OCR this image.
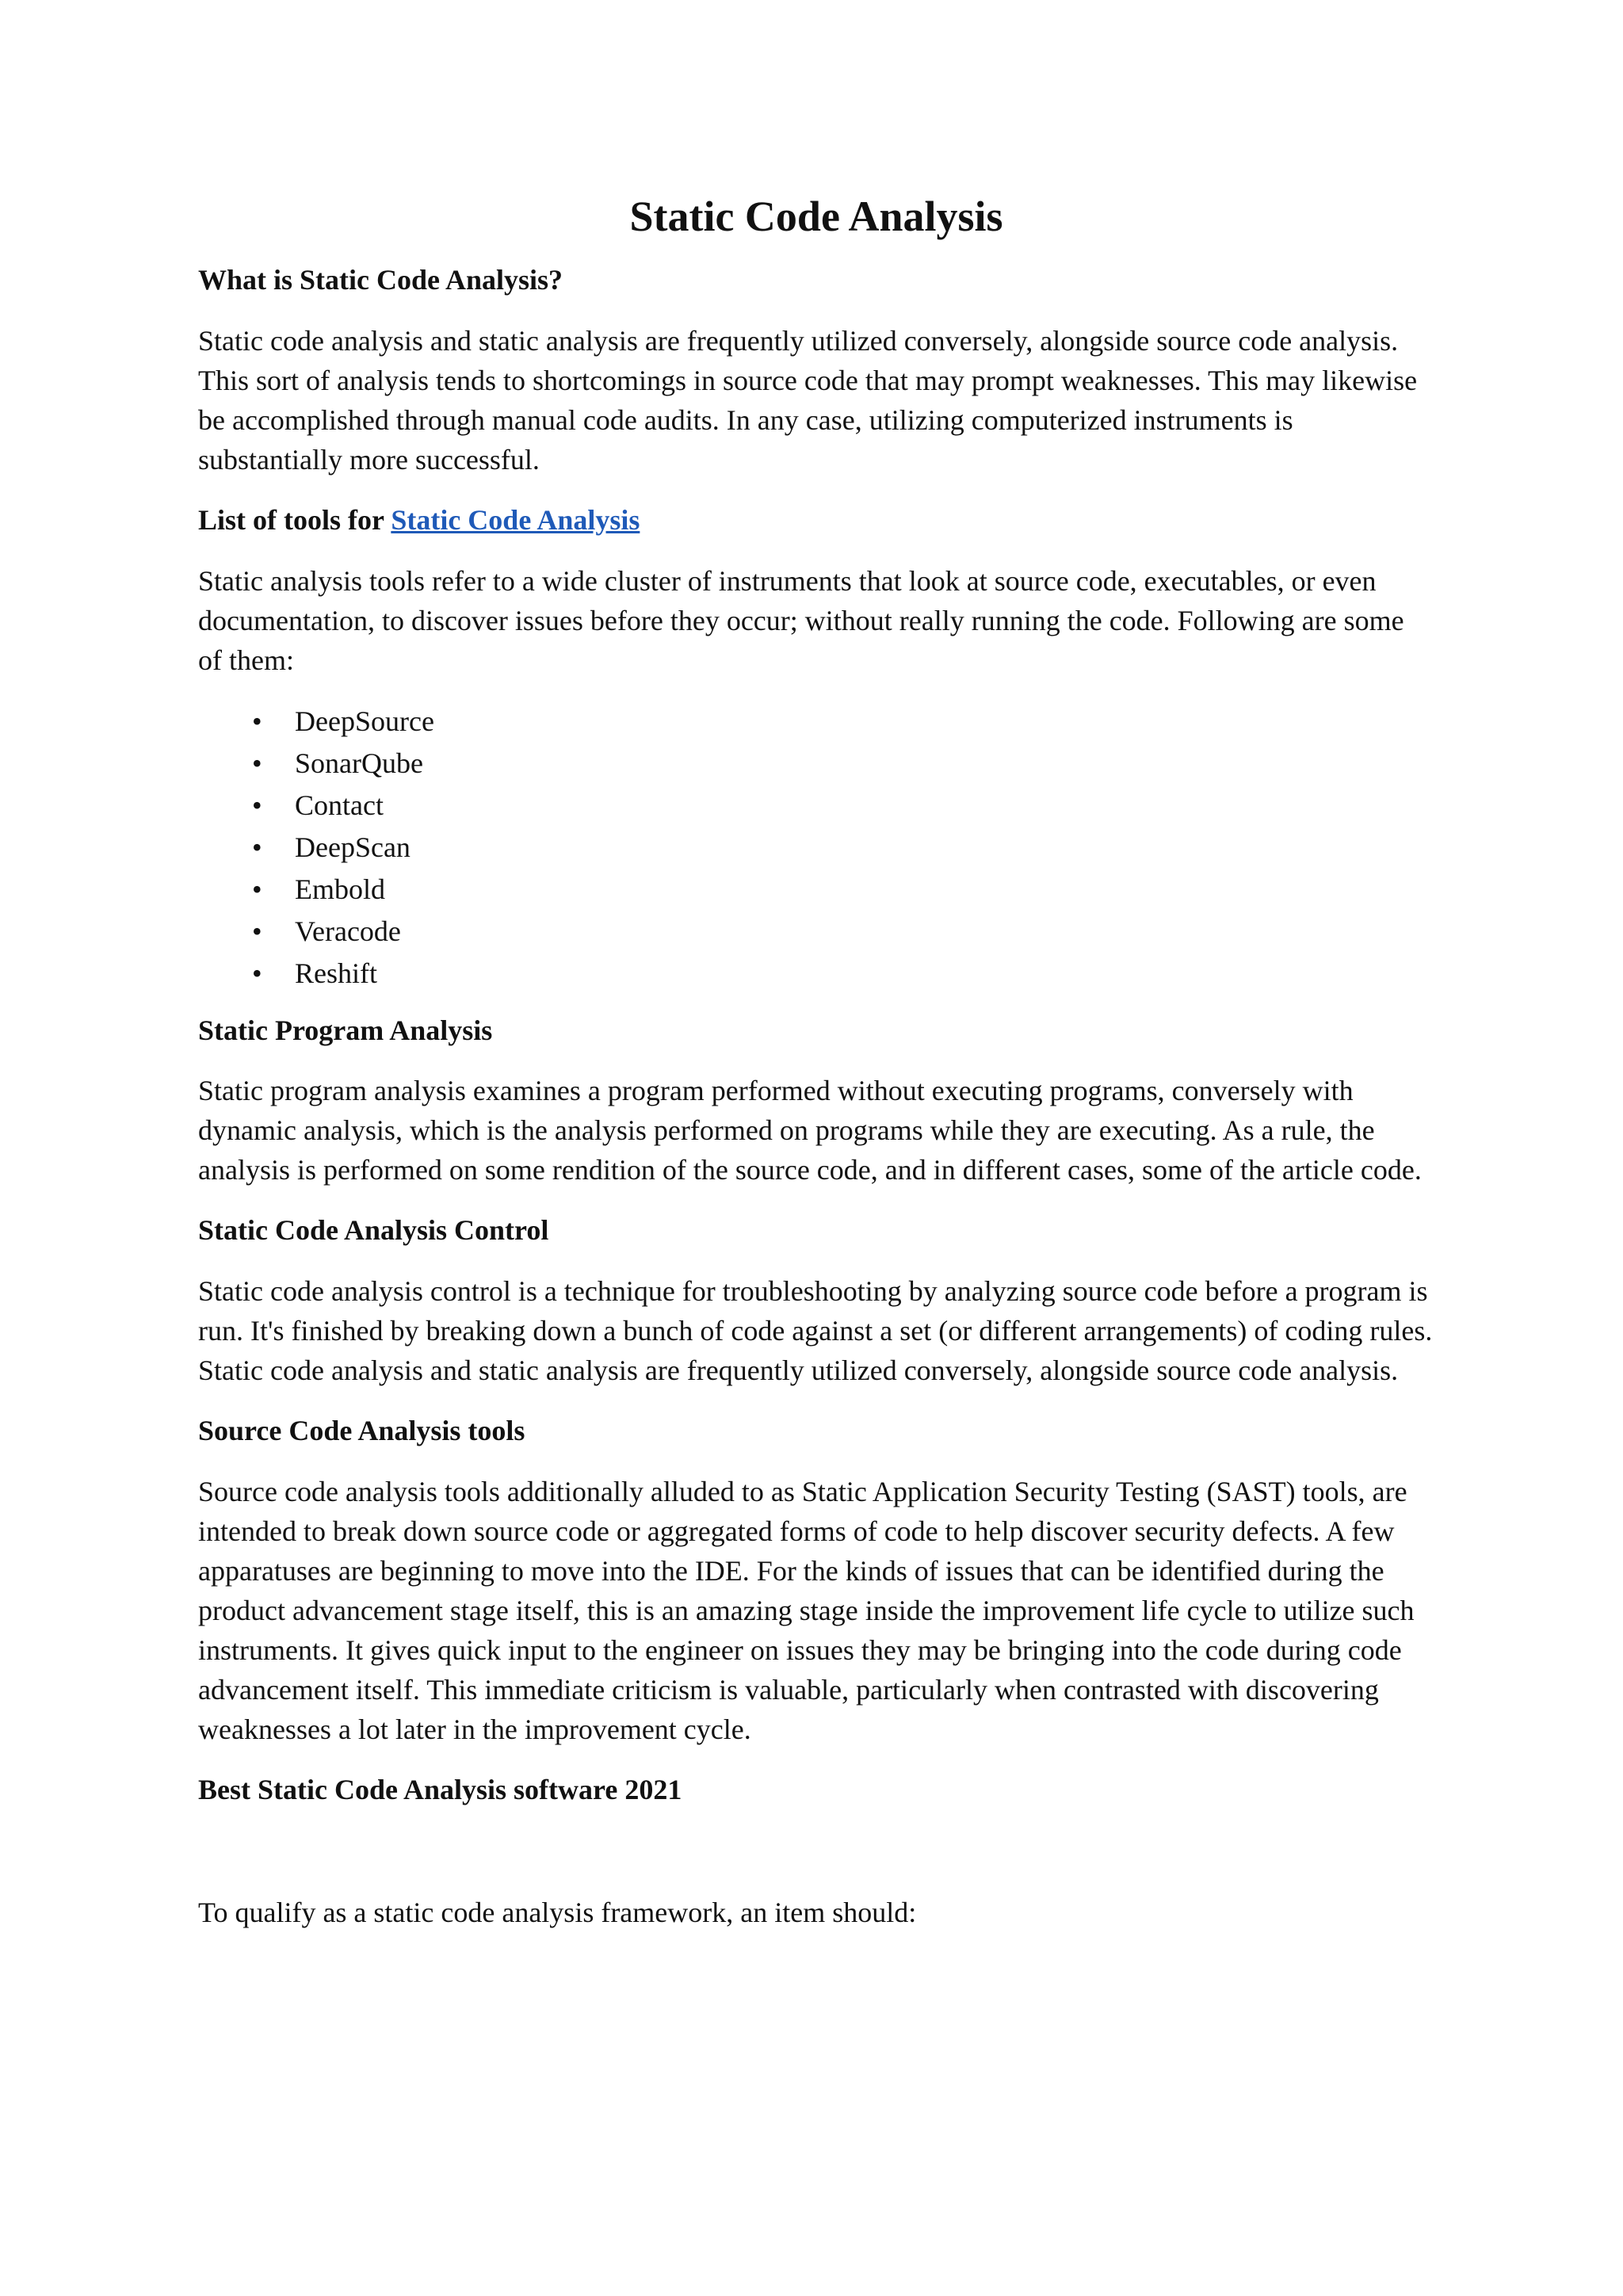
Static Code Analysis

What is Static Code Analysis?

Static code analysis and static analysis are frequently utilized conversely, alongside source code analysis. This sort of analysis tends to shortcomings in source code that may prompt weaknesses. This may likewise be accomplished through manual code audits. In any case, utilizing computerized instruments is substantially more successful.

List of tools for Static Code Analysis

Static analysis tools refer to a wide cluster of instruments that look at source code, executables, or even documentation, to discover issues before they occur; without really running the code. Following are some of them:

• DeepSource
• SonarQube
• Contact
• DeepScan
• Embold
• Veracode
• Reshift

Static Program Analysis

Static program analysis examines a program performed without executing programs, conversely with dynamic analysis, which is the analysis performed on programs while they are executing. As a rule, the analysis is performed on some rendition of the source code, and in different cases, some of the article code.

Static Code Analysis Control

Static code analysis control is a technique for troubleshooting by analyzing source code before a program is run. It's finished by breaking down a bunch of code against a set (or different arrangements) of coding rules. Static code analysis and static analysis are frequently utilized conversely, alongside source code analysis.

Source Code Analysis tools

Source code analysis tools additionally alluded to as Static Application Security Testing (SAST) tools, are intended to break down source code or aggregated forms of code to help discover security defects. A few apparatuses are beginning to move into the IDE. For the kinds of issues that can be identified during the product advancement stage itself, this is an amazing stage inside the improvement life cycle to utilize such instruments. It gives quick input to the engineer on issues they may be bringing into the code during code advancement itself. This immediate criticism is valuable, particularly when contrasted with discovering weaknesses a lot later in the improvement cycle.

Best Static Code Analysis software 2021

To qualify as a static code analysis framework, an item should:
